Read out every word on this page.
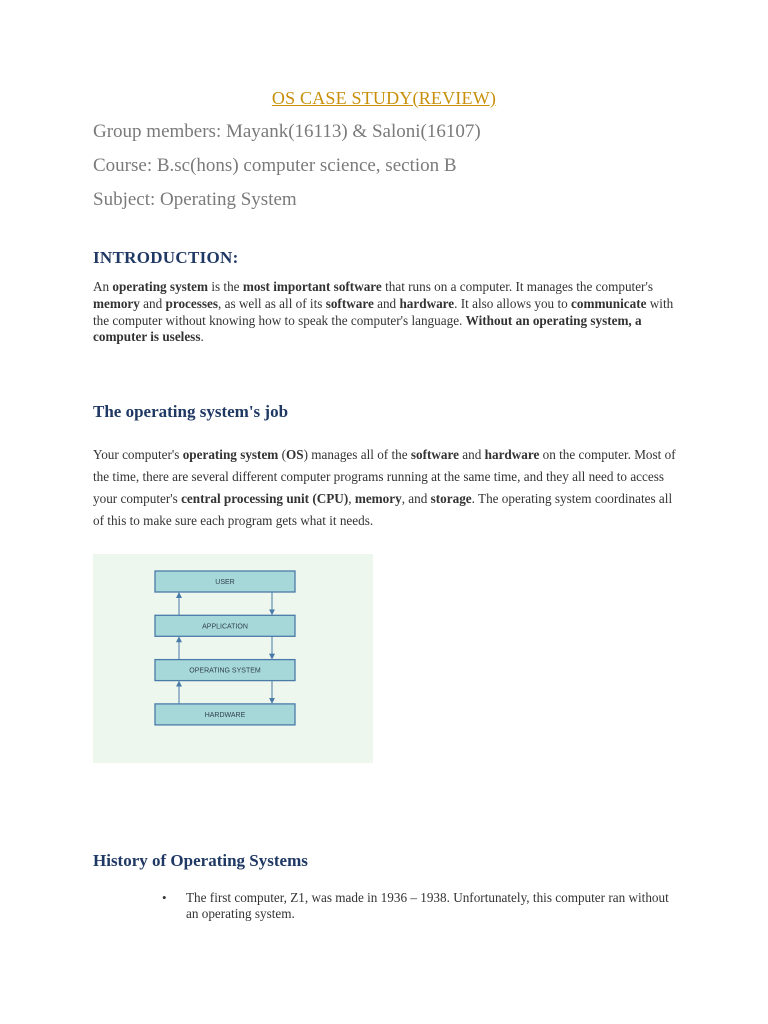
OS CASE STUDY(REVIEW)
Group members: Mayank(16113) & Saloni(16107)
Course: B.sc(hons) computer science, section B
Subject: Operating System
INTRODUCTION:
An operating system is the most important software that runs on a computer. It manages the computer's memory and processes, as well as all of its software and hardware. It also allows you to communicate with the computer without knowing how to speak the computer's language. Without an operating system, a computer is useless.
The operating system's job
Your computer's operating system (OS) manages all of the software and hardware on the computer. Most of the time, there are several different computer programs running at the same time, and they all need to access your computer's central processing unit (CPU), memory, and storage. The operating system coordinates all of this to make sure each program gets what it needs.
USER
APPLICATION
OPERATING SYSTEM
HARDWARE
History of Operating Systems
• The first computer, Z1, was made in 1936 – 1938. Unfortunately, this computer ran without an operating system.
